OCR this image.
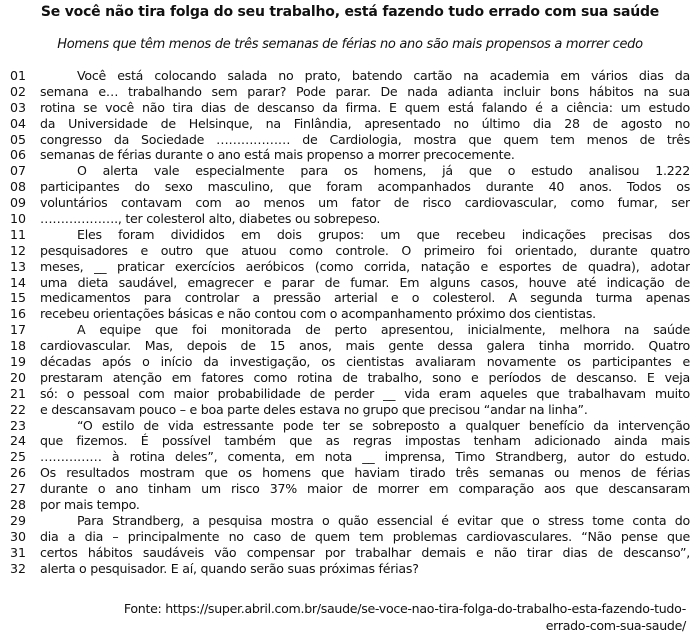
Se você não tira folga do seu trabalho, está fazendo tudo errado com sua saúde
Homens que têm menos de três semanas de férias no ano são mais propensos a morrer cedo
01	Você está colocando salada no prato, batendo cartão na academia em vários dias da
02	semana e… trabalhando sem parar? Pode parar. De nada adianta incluir bons hábitos na sua
03	rotina se você não tira dias de descanso da firma. E quem está falando é a ciência: um estudo
04	da Universidade de Helsinque, na Finlândia, apresentado no último dia 28 de agosto no
05	congresso da Sociedade ……………… de Cardiologia, mostra que quem tem menos de três
06	semanas de férias durante o ano está mais propenso a morrer precocemente.
07	O alerta vale especialmente para os homens, já que o estudo analisou 1.222
08	participantes do sexo masculino, que foram acompanhados durante 40 anos. Todos os
09	voluntários contavam com ao menos um fator de risco cardiovascular, como fumar, ser
10	………………., ter colesterol alto, diabetes ou sobrepeso.
11	Eles foram divididos em dois grupos: um que recebeu indicações precisas dos
12	pesquisadores e outro que atuou como controle. O primeiro foi orientado, durante quatro
13	meses, __ praticar exercícios aeróbicos (como corrida, natação e esportes de quadra), adotar
14	uma dieta saudável, emagrecer e parar de fumar. Em alguns casos, houve até indicação de
15	medicamentos para controlar a pressão arterial e o colesterol. A segunda turma apenas
16	recebeu orientações básicas e não contou com o acompanhamento próximo dos cientistas.
17	A equipe que foi monitorada de perto apresentou, inicialmente, melhora na saúde
18	cardiovascular. Mas, depois de 15 anos, mais gente dessa galera tinha morrido. Quatro
19	décadas após o início da investigação, os cientistas avaliaram novamente os participantes e
20	prestaram atenção em fatores como rotina de trabalho, sono e períodos de descanso. E veja
21	só: o pessoal com maior probabilidade de perder __ vida eram aqueles que trabalhavam muito
22	e descansavam pouco – e boa parte deles estava no grupo que precisou “andar na linha”.
23	“O estilo de vida estressante pode ter se sobreposto a qualquer benefício da intervenção
24	que fizemos. É possível também que as regras impostas tenham adicionado ainda mais
25	…………… à rotina deles”, comenta, em nota __ imprensa, Timo Strandberg, autor do estudo.
26	Os resultados mostram que os homens que haviam tirado três semanas ou menos de férias
27	durante o ano tinham um risco 37% maior de morrer em comparação aos que descansaram
28	por mais tempo.
29	Para Strandberg, a pesquisa mostra o quão essencial é evitar que o stress tome conta do
30	dia a dia – principalmente no caso de quem tem problemas cardiovasculares. “Não pense que
31	certos hábitos saudáveis vão compensar por trabalhar demais e não tirar dias de descanso”,
32	alerta o pesquisador. E aí, quando serão suas próximas férias?
Fonte: https://super.abril.com.br/saude/se-voce-nao-tira-folga-do-trabalho-esta-fazendo-tudo-errado-com-sua-saude/
